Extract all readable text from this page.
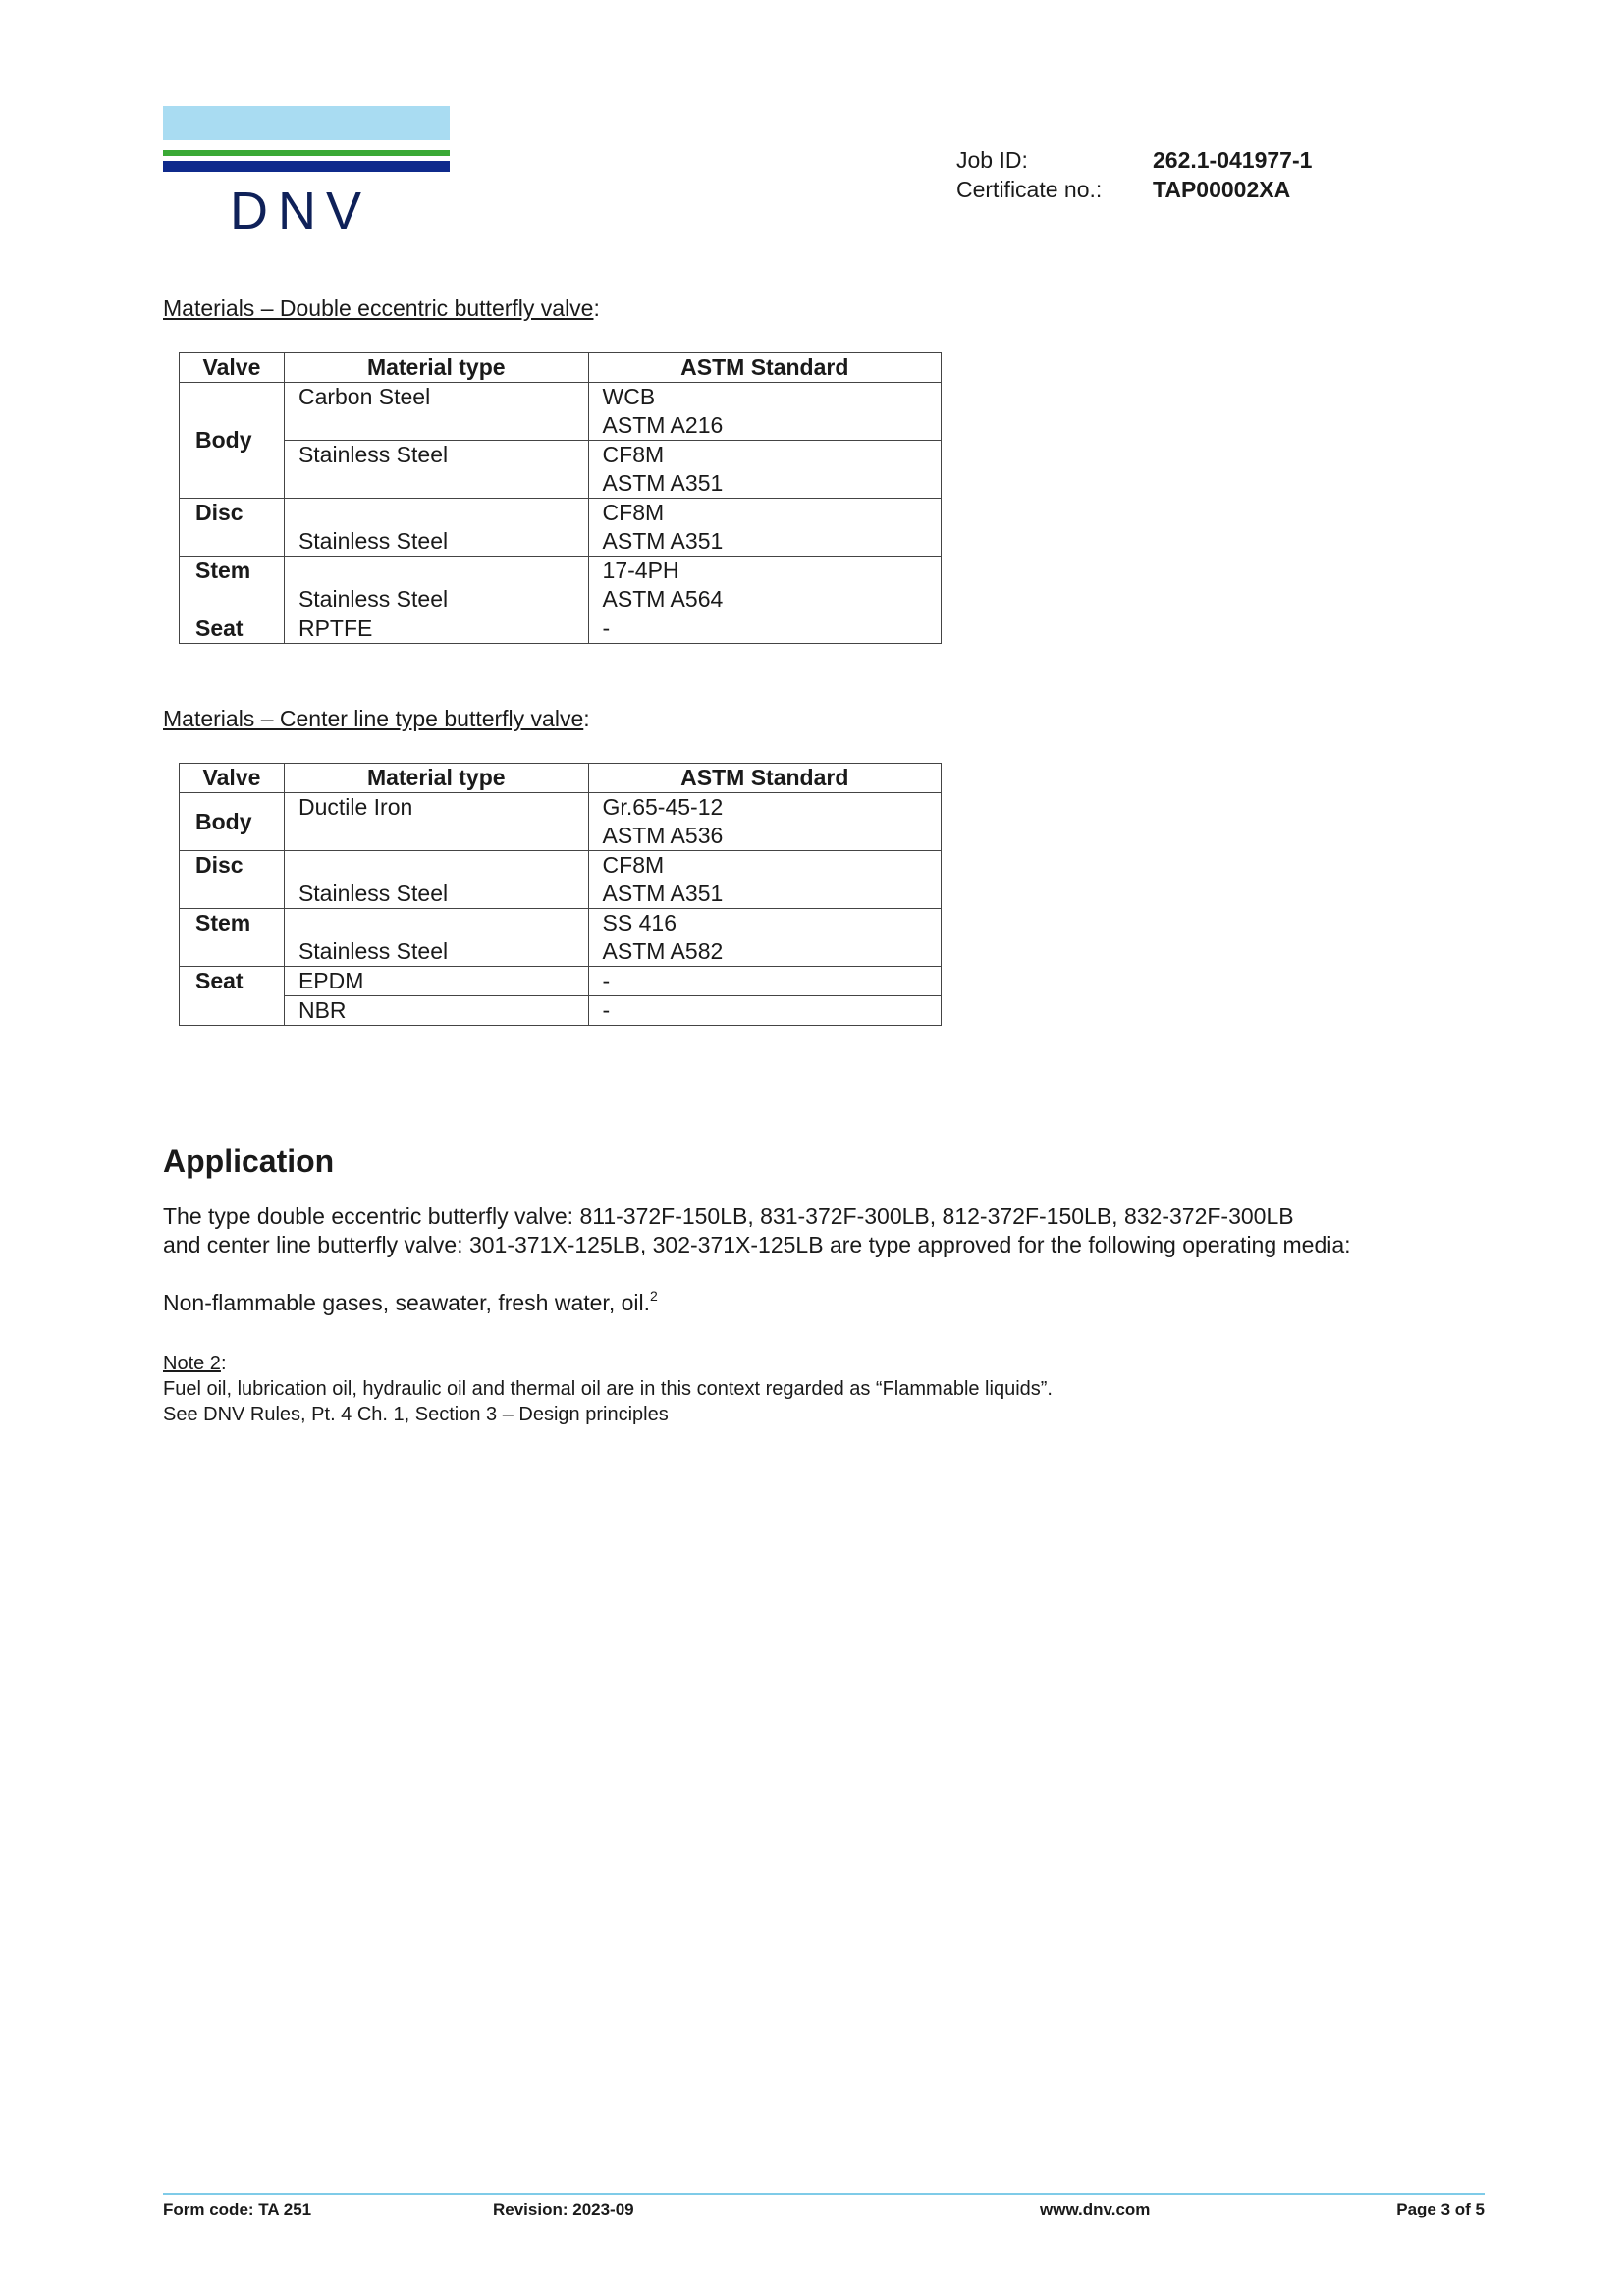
DNV
Job ID:	262.1-041977-1
Certificate no.:	TAP00002XA
Materials – Double eccentric butterfly valve:
Valve	Material type	ASTM Standard
Body	Carbon Steel	WCB
ASTM A216

	Stainless Steel	CF8M
ASTM A351

Disc	Stainless Steel	CF8M
ASTM A351

Stem	Stainless Steel	17-4PH
ASTM A564

Seat	RPTFE	-
Materials – Center line type butterfly valve:
Valve	Material type	ASTM Standard
Body	Ductile Iron	Gr.65-45-12
ASTM A536

Disc	Stainless Steel	CF8M
ASTM A351

Stem	Stainless Steel	SS 416
ASTM A582

Seat	EPDM	-
	NBR	-
Application
The type double eccentric butterfly valve: 811-372F-150LB, 831-372F-300LB, 812-372F-150LB, 832-372F-300LB
and center line butterfly valve: 301-371X-125LB, 302-371X-125LB are type approved for the following operating media:
Non-flammable gases, seawater, fresh water, oil.$^2$
Note 2:
Fuel oil, lubrication oil, hydraulic oil and thermal oil are in this context regarded as “Flammable liquids”.
See DNV Rules, Pt. 4 Ch. 1, Section 3 – Design principles
Form code: TA 251	Revision: 2023-09	www.dnv.com	Page 3 of 5
